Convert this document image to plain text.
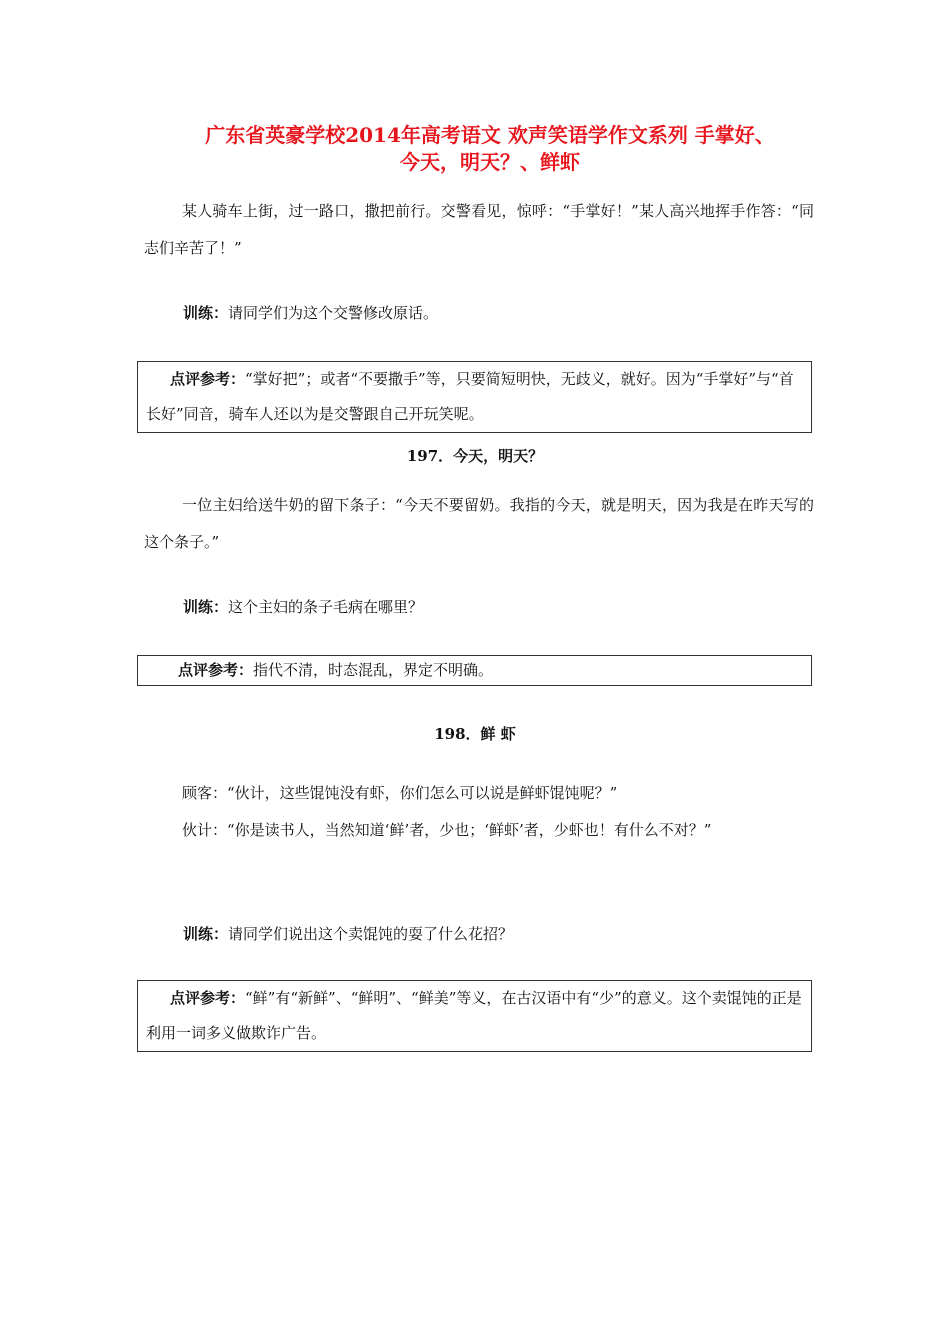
广东省英豪学校2014年高考语文 欢声笑语学作文系列 手掌好、
今天，明天？、鲜虾
某人骑车上街，过一路口，撒把前行。交警看见，惊呼：“手掌好！”某人高兴地挥手作答：“同志们辛苦了！”
训练：请同学们为这个交警修改原话。
点评参考：“掌好把”；或者“不要撒手”等，只要简短明快，无歧义，就好。因为“手掌好”与“首长好”同音，骑车人还以为是交警跟自己开玩笑呢。
197．今天，明天？
一位主妇给送牛奶的留下条子：“今天不要留奶。我指的今天，就是明天，因为我是在昨天写的这个条子。”
训练：这个主妇的条子毛病在哪里？
点评参考：指代不清，时态混乱，界定不明确。
198．鲜 虾
顾客：“伙计，这些馄饨没有虾，你们怎么可以说是鲜虾馄饨呢？”
伙计：“你是读书人，当然知道‘鲜’者，少也；‘鲜虾’者，少虾也！有什么不对？”
训练：请同学们说出这个卖馄饨的耍了什么花招？
点评参考：“鲜”有“新鲜”、“鲜明”、“鲜美”等义，在古汉语中有“少”的意义。这个卖馄饨的正是利用一词多义做欺诈广告。
